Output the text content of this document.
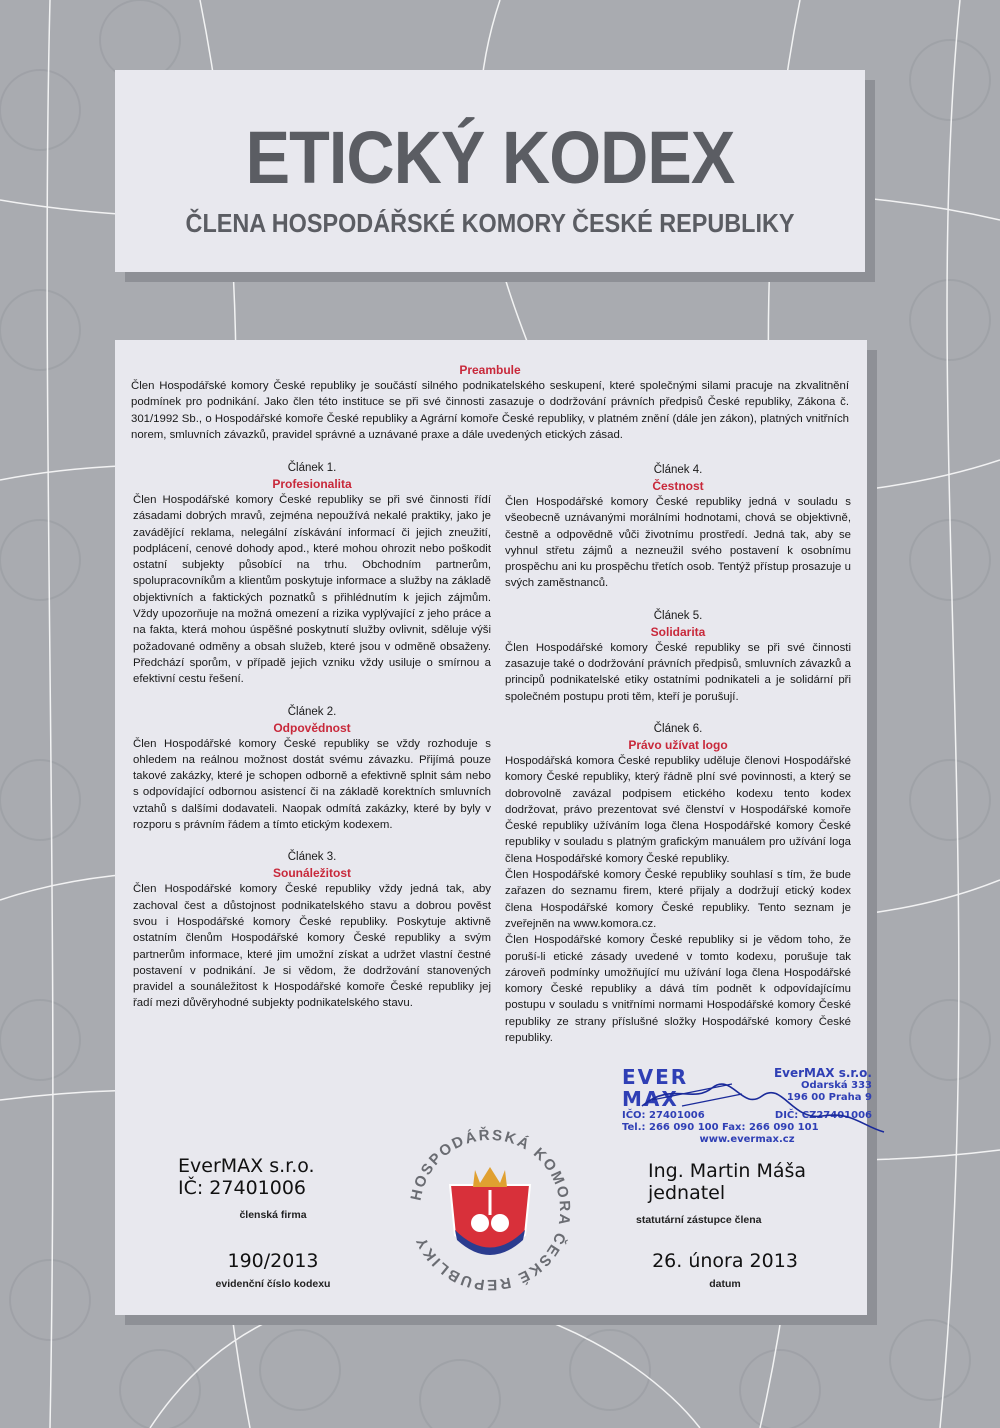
ETICKÝ KODEX
ČLENA HOSPODÁŘSKÉ KOMORY ČESKÉ REPUBLIKY
Preambule
Člen Hospodářské komory České republiky je součástí silného podnikatelského seskupení, které společnými silami pracuje na zkvalitnění podmínek pro podnikání. Jako člen této instituce se při své činnosti zasazuje o dodržování právních předpisů České republiky, Zákona č. 301/1992 Sb., o Hospodářské komoře České republiky a Agrární komoře České republiky, v platném znění (dále jen zákon), platných vnitřních norem, smluvních závazků, pravidel správné a uznávané praxe a dále uvedených etických zásad.
Článek 1.
Profesionalita
Člen Hospodářské komory České republiky se při své činnosti řídí zásadami dobrých mravů, zejména nepoužívá nekalé praktiky, jako je zavádějící reklama, nelegální získávání informací či jejich zneužití, podplácení, cenové dohody apod., které mohou ohrozit nebo poškodit ostatní subjekty působící na trhu. Obchodním partnerům, spolupracovníkům a klientům poskytuje informace a služby na základě objektivních a faktických poznatků s přihlédnutím k jejich zájmům. Vždy upozorňuje na možná omezení a rizika vyplývající z jeho práce a na fakta, která mohou úspěšné poskytnutí služby ovlivnit, sděluje výši požadované odměny a obsah služeb, které jsou v odměně obsaženy. Předchází sporům, v případě jejich vzniku vždy usiluje o smírnou a efektivní cestu řešení.
Článek 2.
Odpovědnost
Člen Hospodářské komory České republiky se vždy rozhoduje s ohledem na reálnou možnost dostát svému závazku. Přijímá pouze takové zakázky, které je schopen odborně a efektivně splnit sám nebo s odpovídající odbornou asistencí či na základě korektních smluvních vztahů s dalšími dodavateli. Naopak odmítá zakázky, které by byly v rozporu s právním řádem a tímto etickým kodexem.
Článek 3.
Sounáležitost
Člen Hospodářské komory České republiky vždy jedná tak, aby zachoval čest a důstojnost podnikatelského stavu a dobrou pověst svou i Hospodářské komory České republiky. Poskytuje aktivně ostatním členům Hospodářské komory České republiky a svým partnerům informace, které jim umožní získat a udržet vlastní čestné postavení v podnikání. Je si vědom, že dodržování stanovených pravidel a sounáležitost k Hospodářské komoře České republiky jej řadí mezi důvěryhodné subjekty podnikatelského stavu.
Článek 4.
Čestnost
Člen Hospodářské komory České republiky jedná v souladu s všeobecně uznávanými morálními hodnotami, chová se objektivně, čestně a odpovědně vůči životnímu prostředí. Jedná tak, aby se vyhnul střetu zájmů a nezneužil svého postavení k osobnímu prospěchu ani ku prospěchu třetích osob. Tentýž přístup prosazuje u svých zaměstnanců.
Článek 5.
Solidarita
Člen Hospodářské komory České republiky se při své činnosti zasazuje také o dodržování právních předpisů, smluvních závazků a principů podnikatelské etiky ostatními podnikateli a je solidární při společném postupu proti těm, kteří je porušují.
Článek 6.
Právo užívat logo
Hospodářská komora České republiky uděluje členovi Hospodářské komory České republiky, který řádně plní své povinnosti, a který se dobrovolně zavázal podpisem etického kodexu tento kodex dodržovat, právo prezentovat své členství v Hospodářské komoře České republiky užíváním loga člena Hospodářské komory České republiky v souladu s platným grafickým manuálem pro užívání loga člena Hospodářské komory České republiky.
Člen Hospodářské komory České republiky souhlasí s tím, že bude zařazen do seznamu firem, které přijaly a dodržují etický kodex člena Hospodářské komory České republiky. Tento seznam je zveřejněn na www.komora.cz.
Člen Hospodářské komory České republiky si je vědom toho, že poruší-li etické zásady uvedené v tomto kodexu, porušuje tak zároveň podmínky umožňující mu užívání loga člena Hospodářské komory České republiky a dává tím podnět k odpovídajícímu postupu v souladu s vnitřními normami Hospodářské komory České republiky ze strany příslušné složky Hospodářské komory České republiky.
EVER
MAX
EverMAX s.r.o.
Odarská 333
196 00 Praha 9
IČO: 27401006	DIČ: CZ27401006
Tel.: 266 090 100 Fax: 266 090 101
www.evermax.cz
EverMAX s.r.o.
IČ: 27401006
členská firma
190/2013
evidenční číslo kodexu
HOSPODÁŘSKÁ KOMORA ČESKÉ REPUBLIKY
Ing. Martin Máša
jednatel
statutární zástupce člena
26. února 2013
datum
